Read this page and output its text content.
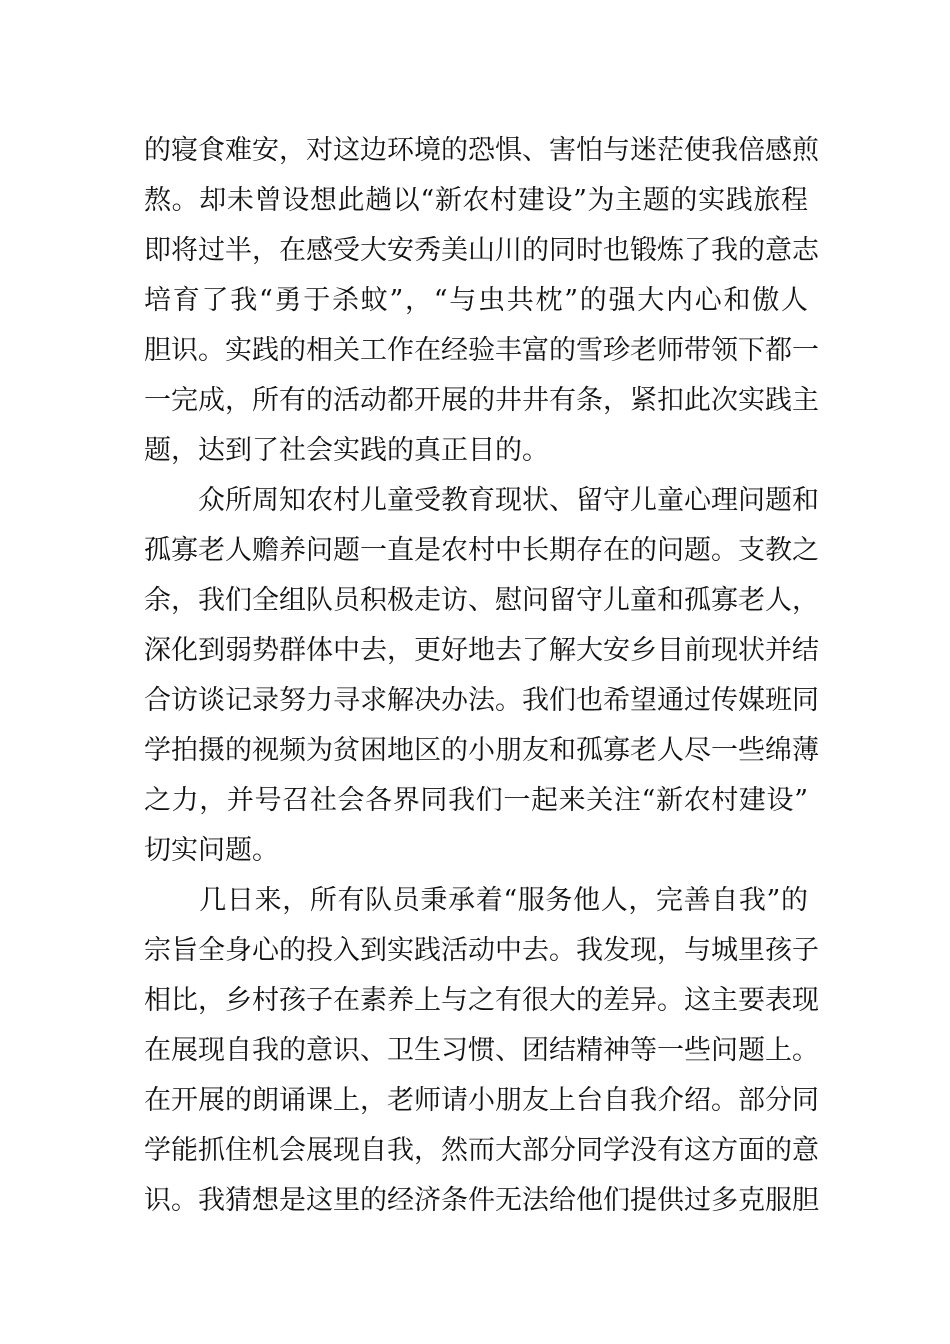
的寝食难安，对这边环境的恐惧、害怕与迷茫使我倍感煎
熬。却未曾设想此趟以“新农村建设”为主题的实践旅程
即将过半，在感受大安秀美山川的同时也锻炼了我的意志
培育了我“勇于杀蚊”，“与虫共枕”的强大内心和傲人
胆识。实践的相关工作在经验丰富的雪珍老师带领下都一
一完成，所有的活动都开展的井井有条，紧扣此次实践主
题，达到了社会实践的真正目的。
　　众所周知农村儿童受教育现状、留守儿童心理问题和
孤寡老人赡养问题一直是农村中长期存在的问题。支教之
余，我们全组队员积极走访、慰问留守儿童和孤寡老人，
深化到弱势群体中去，更好地去了解大安乡目前现状并结
合访谈记录努力寻求解决办法。我们也希望通过传媒班同
学拍摄的视频为贫困地区的小朋友和孤寡老人尽一些绵薄
之力，并号召社会各界同我们一起来关注“新农村建设”
切实问题。
　　几日来，所有队员秉承着“服务他人，完善自我”的
宗旨全身心的投入到实践活动中去。我发现，与城里孩子
相比，乡村孩子在素养上与之有很大的差异。这主要表现
在展现自我的意识、卫生习惯、团结精神等一些问题上。
在开展的朗诵课上，老师请小朋友上台自我介绍。部分同
学能抓住机会展现自我，然而大部分同学没有这方面的意
识。我猜想是这里的经济条件无法给他们提供过多克服胆
